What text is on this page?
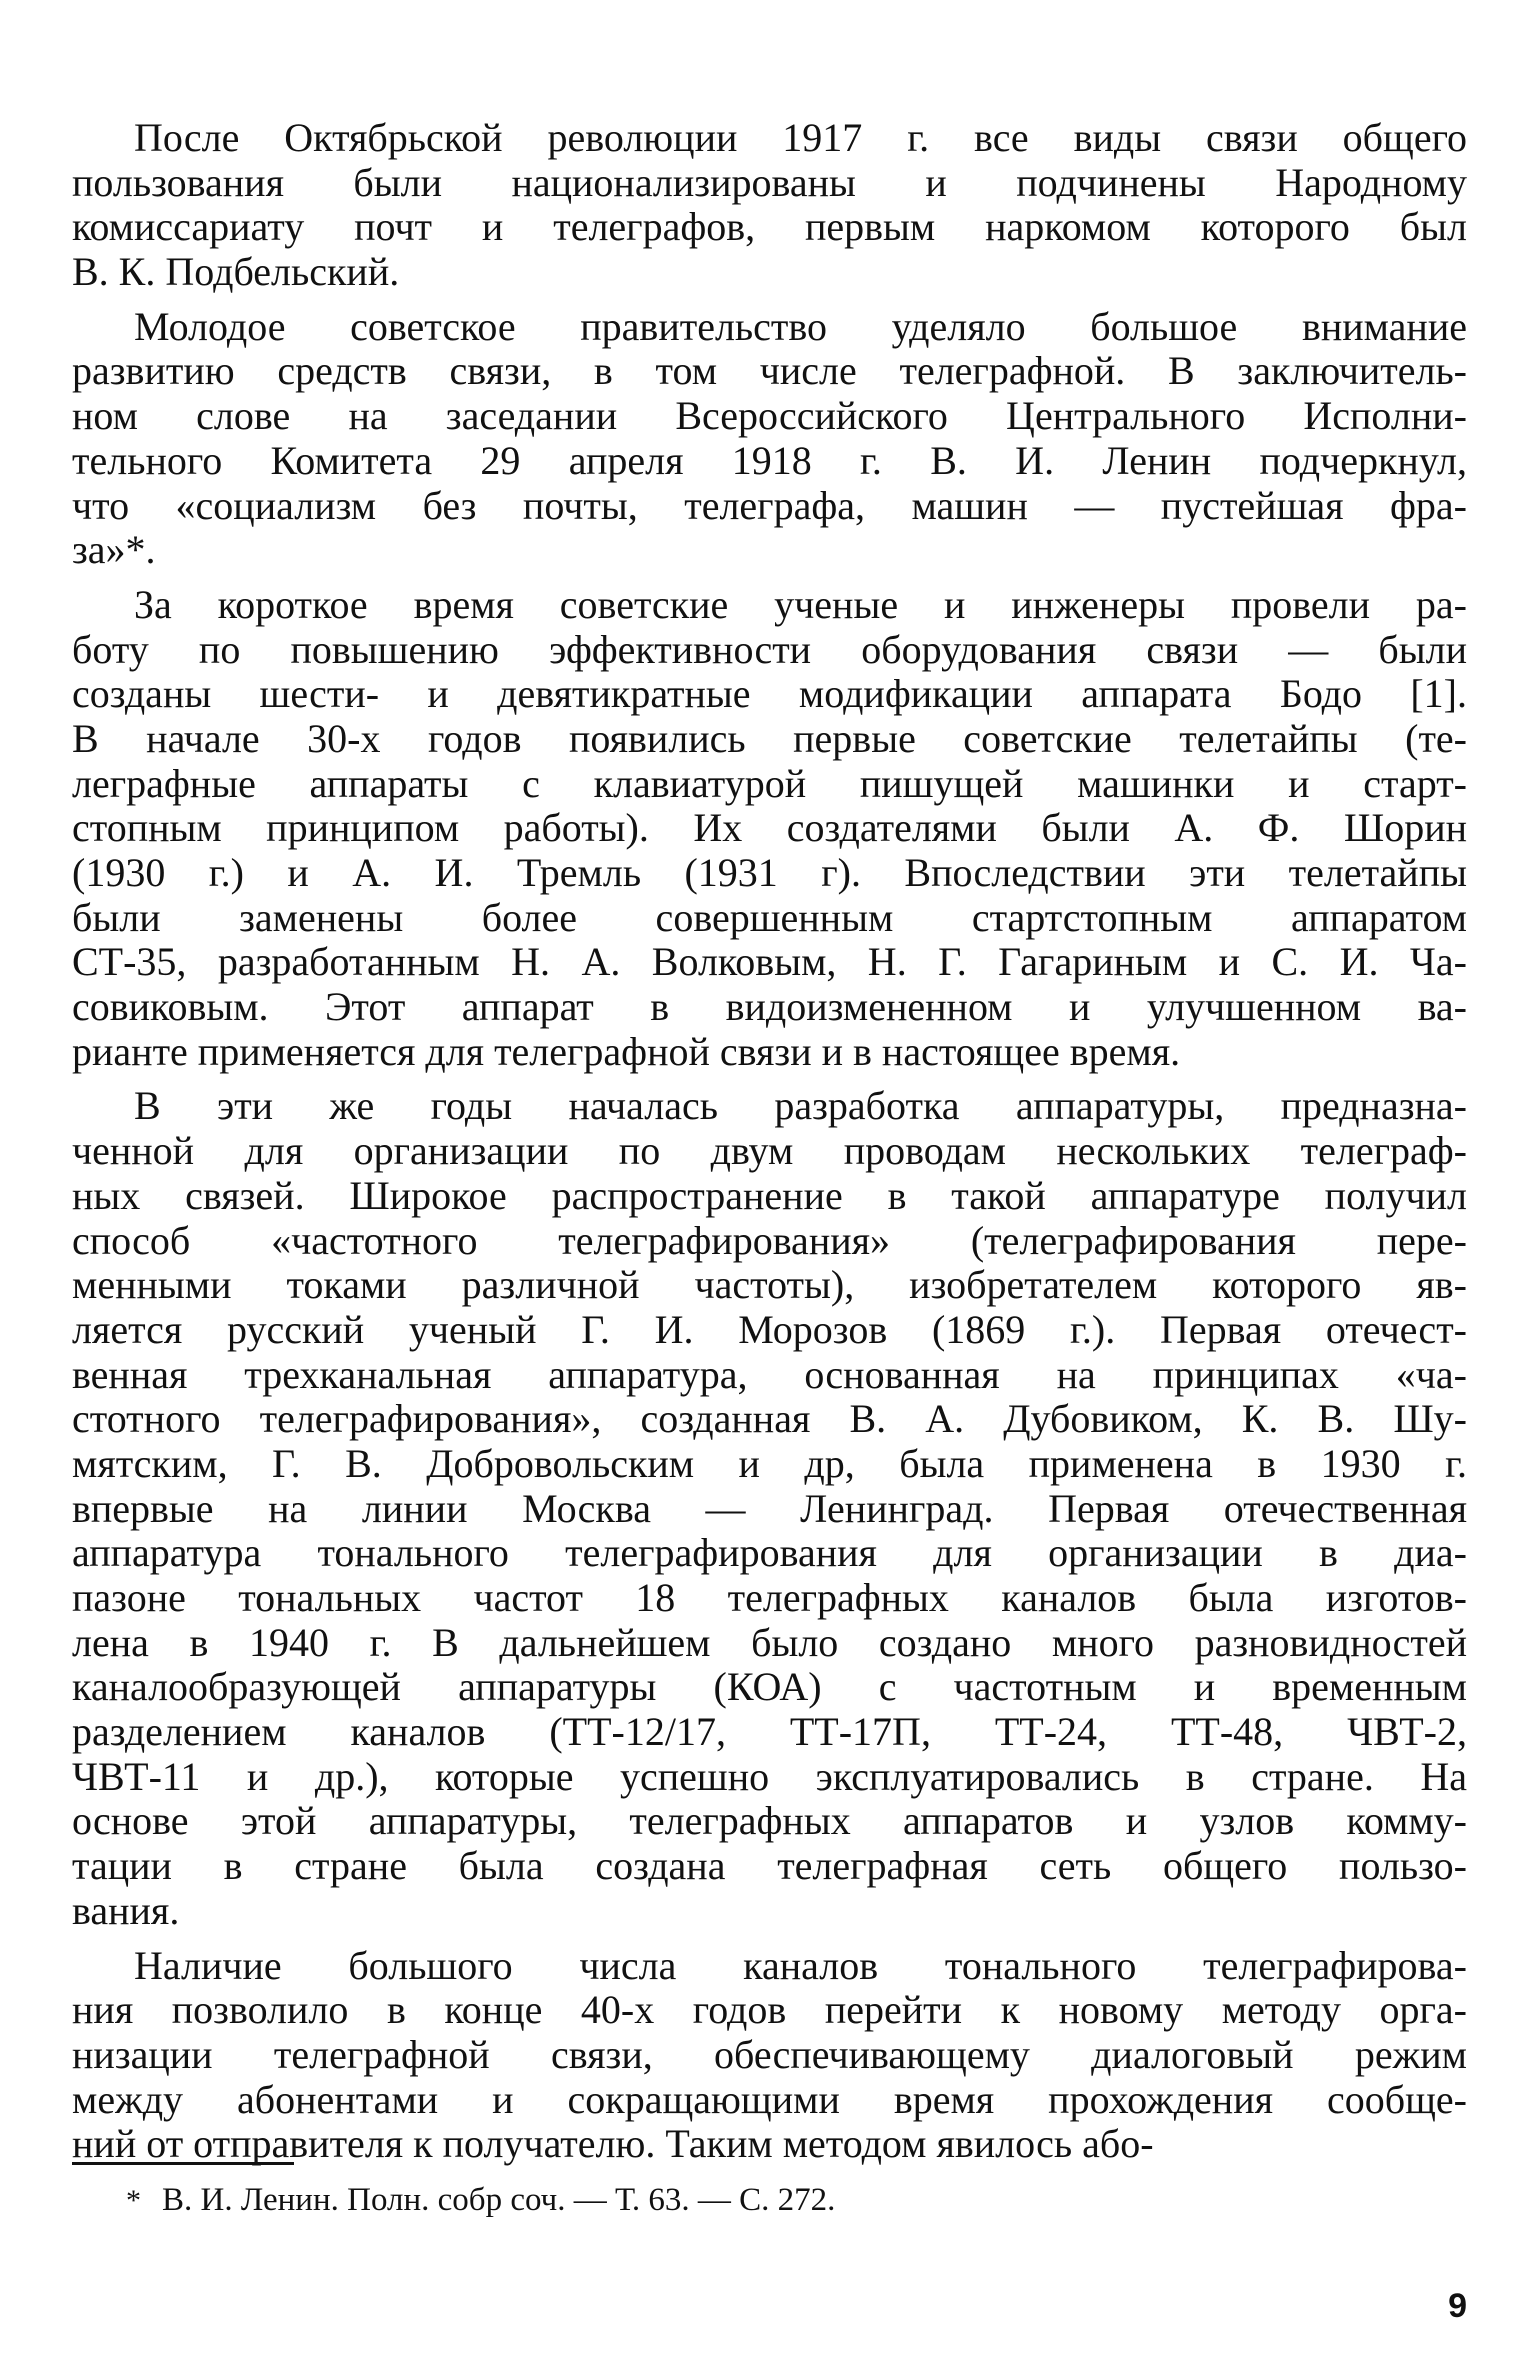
После Октябрьской революции 1917 г. все виды связи общего
пользования были национализированы и подчинены Народному
комиссариату почт и телеграфов, первым наркомом которого был
В. К. Подбельский.
Молодое советское правительство уделяло большое внимание
развитию средств связи, в том числе телеграфной. В заключитель-
ном слове на заседании Всероссийского Центрального Исполни-
тельного Комитета 29 апреля 1918 г. В. И. Ленин подчеркнул,
что «социализм без почты, телеграфа, машин — пустейшая фра-
за»*.
За короткое время советские ученые и инженеры провели ра-
боту по повышению эффективности оборудования связи — были
созданы шести- и девятикратные модификации аппарата Бодо [1].
В начале 30-х годов появились первые советские телетайпы (те-
леграфные аппараты с клавиатурой пишущей машинки и старт-
стопным принципом работы). Их создателями были А. Ф. Шорин
(1930 г.) и А. И. Тремль (1931 г). Впоследствии эти телетайпы
были заменены более совершенным стартстопным аппаратом
СТ-35, разработанным Н. А. Волковым, Н. Г. Гагариным и С. И. Ча-
совиковым. Этот аппарат в видоизмененном и улучшенном ва-
рианте применяется для телеграфной связи и в настоящее время.
В эти же годы началась разработка аппаратуры, предназна-
ченной для организации по двум проводам нескольких телеграф-
ных связей. Широкое распространение в такой аппаратуре получил
способ «частотного телеграфирования» (телеграфирования пере-
менными токами различной частоты), изобретателем которого яв-
ляется русский ученый Г. И. Морозов (1869 г.). Первая отечест-
венная трехканальная аппаратура, основанная на принципах «ча-
стотного телеграфирования», созданная В. А. Дубовиком, К. В. Шу-
мятским, Г. В. Добровольским и др, была применена в 1930 г.
впервые на линии Москва — Ленинград. Первая отечественная
аппаратура тонального телеграфирования для организации в диа-
пазоне тональных частот 18 телеграфных каналов была изготов-
лена в 1940 г. В дальнейшем было создано много разновидностей
каналообразующей аппаратуры (КОА) с частотным и временным
разделением каналов (ТТ-12/17, ТТ-17П, ТТ-24, ТТ-48, ЧВТ-2,
ЧВТ-11 и др.), которые успешно эксплуатировались в стране. На
основе этой аппаратуры, телеграфных аппаратов и узлов комму-
тации в стране была создана телеграфная сеть общего пользо-
вания.
Наличие большого числа каналов тонального телеграфирова-
ния позволило в конце 40-х годов перейти к новому методу орга-
низации телеграфной связи, обеспечивающему диалоговый режим
между абонентами и сокращающими время прохождения сообще-
ний от отправителя к получателю. Таким методом явилось або-
* В. И. Ленин. Полн. собр соч. — Т. 63. — С. 272.
9
